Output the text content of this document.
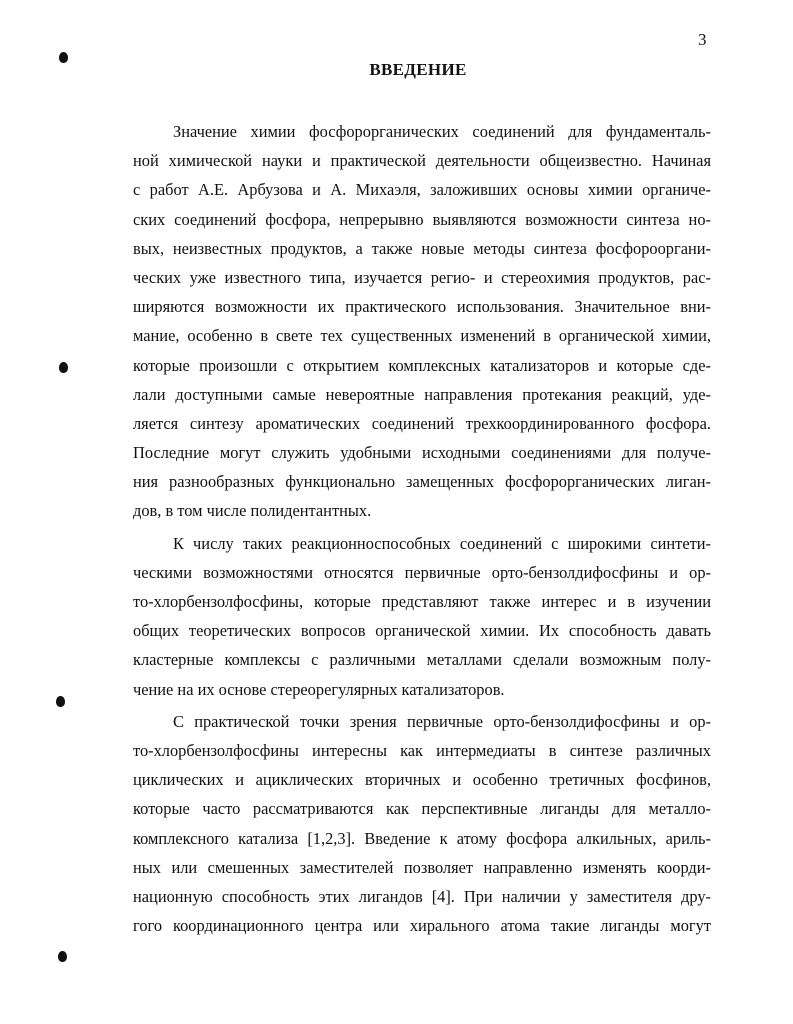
3
ВВЕДЕНИЕ
Значение химии фосфорорганических соединений для фундаменталь-
ной химической науки и практической деятельности общеизвестно. Начиная
с работ А.Е. Арбузова и А. Михаэля, заложивших основы химии органиче-
ских соединений фосфора, непрерывно выявляются возможности синтеза но-
вых, неизвестных продуктов, а также новые методы синтеза фосфорооргани-
ческих уже известного типа, изучается регио- и стереохимия продуктов, рас-
ширяются возможности их практического использования. Значительное вни-
мание, особенно в свете тех существенных изменений в органической химии,
которые произошли с открытием комплексных катализаторов и которые сде-
лали доступными самые невероятные направления протекания реакций, уде-
ляется синтезу ароматических соединений трехкоординированного фосфора.
Последние могут служить удобными исходными соединениями для получе-
ния разнообразных функционально замещенных фосфорорганических лиган-
дов, в том числе полидентантных.
К числу таких реакционноспособных соединений с широкими синтети-
ческими возможностями относятся первичные орто-бензолдифосфины и ор-
то-хлорбензолфосфины, которые представляют также интерес и в изучении
общих теоретических вопросов органической химии. Их способность давать
кластерные комплексы с различными металлами сделали возможным полу-
чение на их основе стереорегулярных катализаторов.
С практической точки зрения первичные орто-бензолдифосфины и ор-
то-хлорбензолфосфины интересны как интермедиаты в синтезе различных
циклических и ациклических вторичных и особенно третичных фосфинов,
которые часто рассматриваются как перспективные лиганды для металло-
комплексного катализа [1,2,3]. Введение к атому фосфора алкильных, ариль-
ных или смешенных заместителей позволяет направленно изменять коорди-
национную способность этих лигандов [4]. При наличии у заместителя дру-
гого координационного центра или хирального атома такие лиганды могут
